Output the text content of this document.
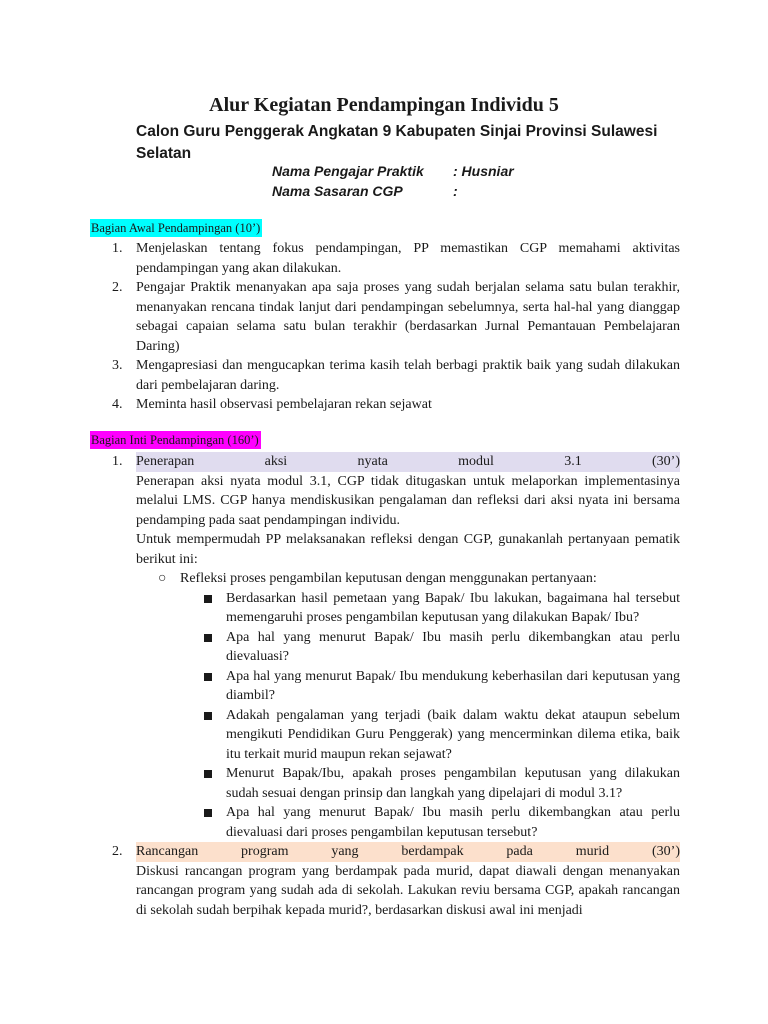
Alur Kegiatan Pendampingan Individu 5
Calon Guru Penggerak Angkatan 9 Kabupaten Sinjai Provinsi Sulawesi Selatan
Nama Pengajar Praktik : Husniar
Nama Sasaran CGP	:
Bagian Awal Pendampingan (10’)
1. Menjelaskan tentang fokus pendampingan, PP memastikan CGP memahami aktivitas pendampingan yang akan dilakukan.
2. Pengajar Praktik menanyakan apa saja proses yang sudah berjalan selama satu bulan terakhir, menanyakan rencana tindak lanjut dari pendampingan sebelumnya, serta hal-hal yang dianggap sebagai capaian selama satu bulan terakhir (berdasarkan Jurnal Pemantauan Pembelajaran Daring)
3. Mengapresiasi dan mengucapkan terima kasih telah berbagi praktik baik yang sudah dilakukan dari pembelajaran daring.
4. Meminta hasil observasi pembelajaran rekan sejawat
Bagian Inti Pendampingan (160’)
1. Penerapan aksi nyata modul 3.1 (30’)
Penerapan aksi nyata modul 3.1, CGP tidak ditugaskan untuk melaporkan implementasinya melalui LMS. CGP hanya mendiskusikan pengalaman dan refleksi dari aksi nyata ini bersama pendamping pada saat pendampingan individu.
Untuk mempermudah PP melaksanakan refleksi dengan CGP, gunakanlah pertanyaan pematik berikut ini:
○ Refleksi proses pengambilan keputusan dengan menggunakan pertanyaan:
Berdasarkan hasil pemetaan yang Bapak/ Ibu lakukan, bagaimana hal tersebut memengaruhi proses pengambilan keputusan yang dilakukan Bapak/ Ibu?
Apa hal yang menurut Bapak/ Ibu masih perlu dikembangkan atau perlu dievaluasi?
Apa hal yang menurut Bapak/ Ibu mendukung keberhasilan dari keputusan yang diambil?
Adakah pengalaman yang terjadi (baik dalam waktu dekat ataupun sebelum mengikuti Pendidikan Guru Penggerak) yang mencerminkan dilema etika, baik itu terkait murid maupun rekan sejawat?
Menurut Bapak/Ibu, apakah proses pengambilan keputusan yang dilakukan sudah sesuai dengan prinsip dan langkah yang dipelajari di modul 3.1?
Apa hal yang menurut Bapak/ Ibu masih perlu dikembangkan atau perlu dievaluasi dari proses pengambilan keputusan tersebut?
2. Rancangan program yang berdampak pada murid (30’)
Diskusi rancangan program yang berdampak pada murid, dapat diawali dengan menanyakan rancangan program yang sudah ada di sekolah. Lakukan reviu bersama CGP, apakah rancangan di sekolah sudah berpihak kepada murid?, berdasarkan diskusi awal ini menjadi
